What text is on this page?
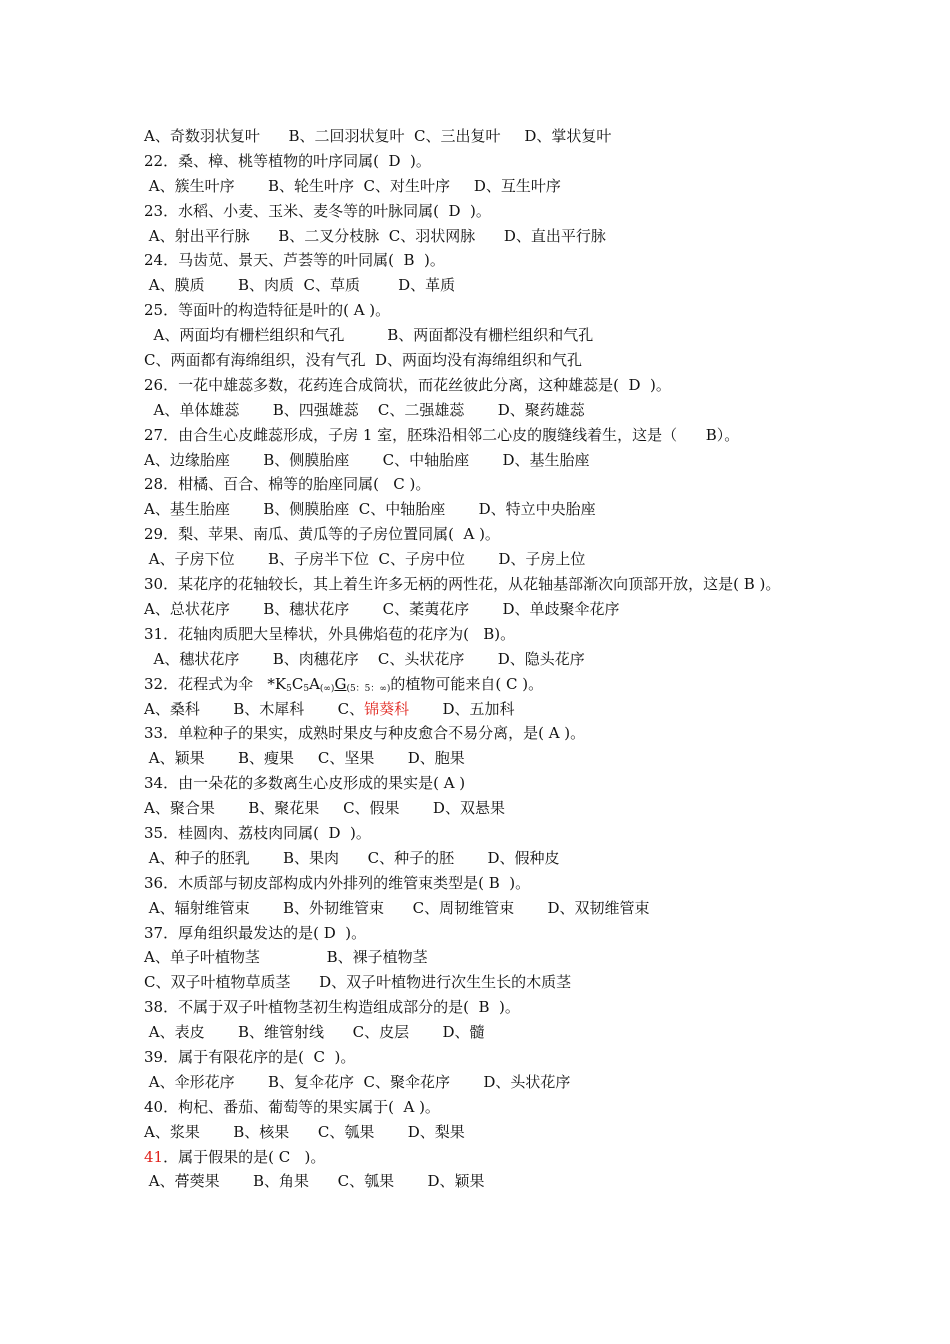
A、奇数羽状复叶      B、二回羽状复叶  C、三出复叶     D、掌状复叶
22．桑、樟、桃等植物的叶序同属(  D  )。
A、簇生叶序       B、轮生叶序  C、对生叶序     D、互生叶序
23．水稻、小麦、玉米、麦冬等的叶脉同属(  D  )。
A、射出平行脉      B、二叉分枝脉  C、羽状网脉      D、直出平行脉
24．马齿苋、景天、芦荟等的叶同属(  B  )。
A、膜质       B、肉质  C、草质        D、革质
25．等面叶的构造特征是叶的( A )。
A、两面均有栅栏组织和气孔         B、两面都没有栅栏组织和气孔
C、两面都有海绵组织，没有气孔  D、两面均没有海绵组织和气孔
26．一花中雄蕊多数，花药连合成筒状，而花丝彼此分离，这种雄蕊是(  D  )。
A、单体雄蕊       B、四强雄蕊    C、二强雄蕊       D、聚药雄蕊
27．由合生心皮雌蕊形成，子房 1 室，胚珠沿相邻二心皮的腹缝线着生，这是（      B）。
A、边缘胎座       B、侧膜胎座       C、中轴胎座       D、基生胎座
28．柑橘、百合、棉等的胎座同属(   C )。
A、基生胎座       B、侧膜胎座  C、中轴胎座       D、特立中央胎座
29．梨、苹果、南瓜、黄瓜等的子房位置同属(  A )。
A、子房下位       B、子房半下位  C、子房中位       D、子房上位
30．某花序的花轴较长，其上着生许多无柄的两性花，从花轴基部渐次向顶部开放，这是( B )。
A、总状花序       B、穗状花序       C、葇荑花序       D、单歧聚伞花序
31．花轴肉质肥大呈棒状，外具佛焰苞的花序为(   B)。
A、穗状花序       B、肉穗花序    C、头状花序       D、隐头花序
32．花程式为伞   $*K_5C_5A_{(\infty)}G_{(5:5:\infty)}$的植物可能来自( C )。
A、桑科       B、木犀科       C、锦葵科       D、五加科
33．单粒种子的果实，成熟时果皮与种皮愈合不易分离，是( A )。
A、颖果       B、瘦果     C、坚果       D、胞果
34．由一朵花的多数离生心皮形成的果实是( A )
A、聚合果       B、聚花果     C、假果       D、双悬果
35．桂圆肉、荔枝肉同属(  D  )。
A、种子的胚乳       B、果肉      C、种子的胚       D、假种皮
36．木质部与韧皮部构成内外排列的维管束类型是( B  )。
A、辐射维管束       B、外韧维管束      C、周韧维管束       D、双韧维管束
37．厚角组织最发达的是( D  )。
A、单子叶植物茎              B、裸子植物茎
C、双子叶植物草质茎      D、双子叶植物进行次生生长的木质茎
38．不属于双子叶植物茎初生构造组成部分的是(  B  )。
A、表皮       B、维管射线      C、皮层       D、髓
39．属于有限花序的是(  C  )。
A、伞形花序       B、复伞花序  C、聚伞花序       D、头状花序
40．枸杞、番茄、葡萄等的果实属于(  A )。
A、浆果       B、核果      C、瓠果       D、梨果
41．属于假果的是( C   )。
A、蓇葖果       B、角果      C、瓠果       D、颖果
